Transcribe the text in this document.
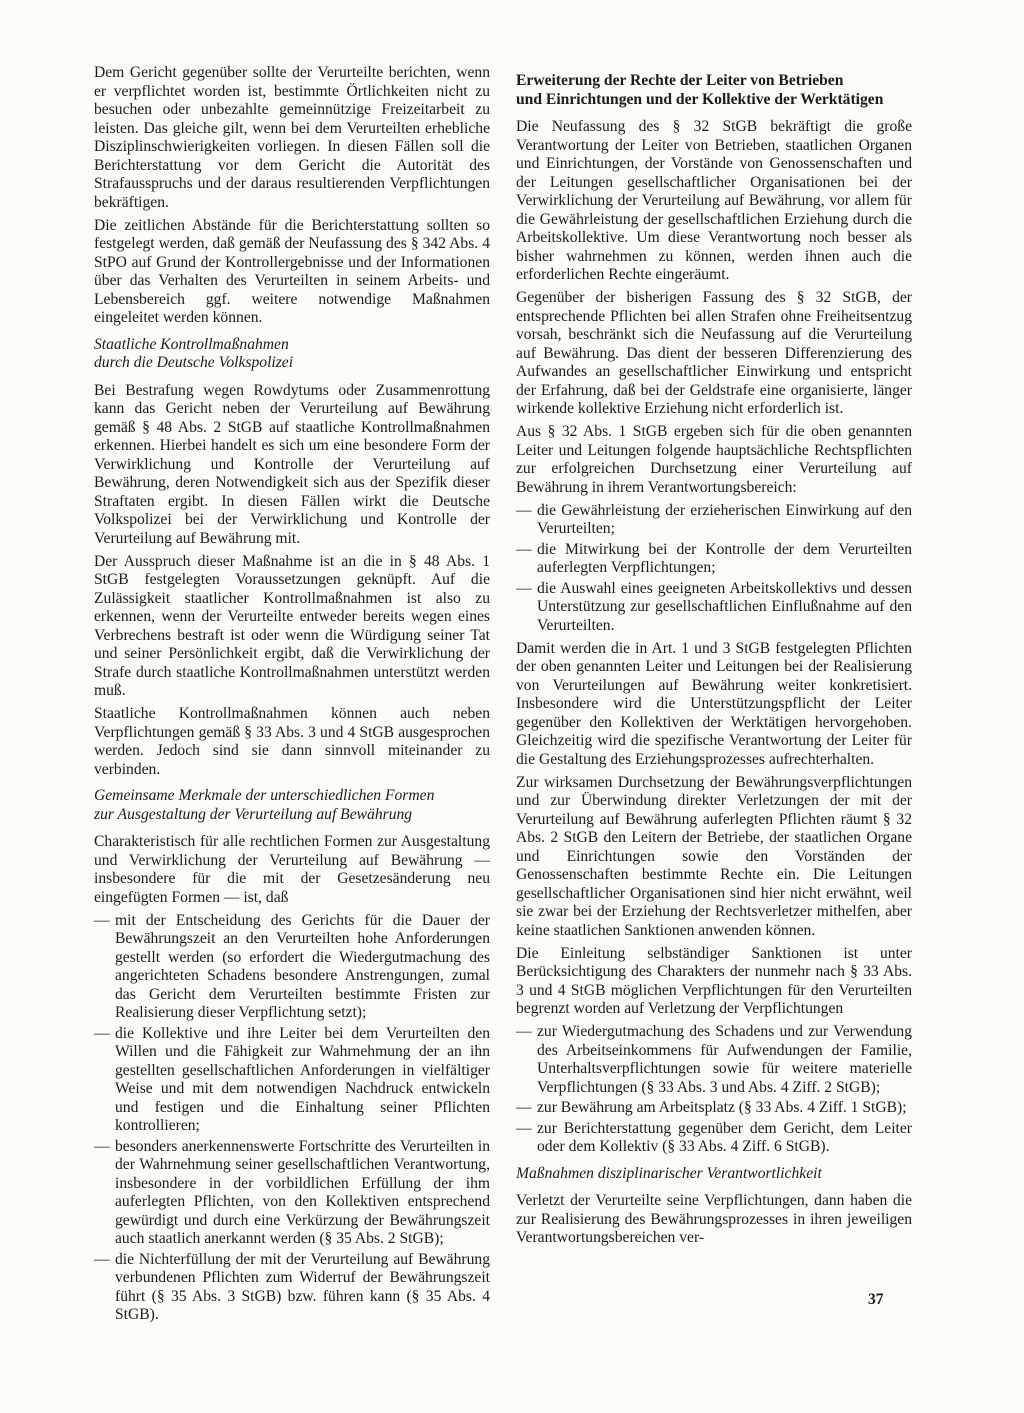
Dem Gericht gegenüber sollte der Verurteilte berichten, wenn er verpflichtet worden ist, bestimmte Örtlichkeiten nicht zu besuchen oder unbezahlte gemeinnützige Freizeitarbeit zu leisten. Das gleiche gilt, wenn bei dem Verurteilten erhebliche Disziplinschwierigkeiten vorliegen. In diesen Fällen soll die Berichterstattung vor dem Gericht die Autorität des Strafausspruchs und der daraus resultierenden Verpflichtungen bekräftigen.

Die zeitlichen Abstände für die Berichterstattung sollten so festgelegt werden, daß gemäß der Neufassung des § 342 Abs. 4 StPO auf Grund der Kontrollergebnisse und der Informationen über das Verhalten des Verurteilten in seinem Arbeits- und Lebensbereich ggf. weitere notwendige Maßnahmen eingeleitet werden können.

Staatliche Kontrollmaßnahmen
durch die Deutsche Volkspolizei

Bei Bestrafung wegen Rowdytums oder Zusammenrottung kann das Gericht neben der Verurteilung auf Bewährung gemäß § 48 Abs. 2 StGB auf staatliche Kontrollmaßnahmen erkennen. Hierbei handelt es sich um eine besondere Form der Verwirklichung und Kontrolle der Verurteilung auf Bewährung, deren Notwendigkeit sich aus der Spezifik dieser Straftaten ergibt. In diesen Fällen wirkt die Deutsche Volkspolizei bei der Verwirklichung und Kontrolle der Verurteilung auf Bewährung mit.

Der Ausspruch dieser Maßnahme ist an die in § 48 Abs. 1 StGB festgelegten Voraussetzungen geknüpft. Auf die Zulässigkeit staatlicher Kontrollmaßnahmen ist also zu erkennen, wenn der Verurteilte entweder bereits wegen eines Verbrechens bestraft ist oder wenn die Würdigung seiner Tat und seiner Persönlichkeit ergibt, daß die Verwirklichung der Strafe durch staatliche Kontrollmaßnahmen unterstützt werden muß.

Staatliche Kontrollmaßnahmen können auch neben Verpflichtungen gemäß § 33 Abs. 3 und 4 StGB ausgesprochen werden. Jedoch sind sie dann sinnvoll miteinander zu verbinden.

Gemeinsame Merkmale der unterschiedlichen Formen
zur Ausgestaltung der Verurteilung auf Bewährung

Charakteristisch für alle rechtlichen Formen zur Ausgestaltung und Verwirklichung der Verurteilung auf Bewährung — insbesondere für die mit der Gesetzesänderung neu eingefügten Formen — ist, daß

— mit der Entscheidung des Gerichts für die Dauer der Bewährungszeit an den Verurteilten hohe Anforderungen gestellt werden (so erfordert die Wiedergutmachung des angerichteten Schadens besondere Anstrengungen, zumal das Gericht dem Verurteilten bestimmte Fristen zur Realisierung dieser Verpflichtung setzt);
— die Kollektive und ihre Leiter bei dem Verurteilten den Willen und die Fähigkeit zur Wahrnehmung der an ihn gestellten gesellschaftlichen Anforderungen in vielfältiger Weise und mit dem notwendigen Nachdruck entwickeln und festigen und die Einhaltung seiner Pflichten kontrollieren;
— besonders anerkennenswerte Fortschritte des Verurteilten in der Wahrnehmung seiner gesellschaftlichen Verantwortung, insbesondere in der vorbildlichen Erfüllung der ihm auferlegten Pflichten, von den Kollektiven entsprechend gewürdigt und durch eine Verkürzung der Bewährungszeit auch staatlich anerkannt werden (§ 35 Abs. 2 StGB);
— die Nichterfüllung der mit der Verurteilung auf Bewährung verbundenen Pflichten zum Widerruf der Bewährungszeit führt (§ 35 Abs. 3 StGB) bzw. führen kann (§ 35 Abs. 4 StGB).
Erweiterung der Rechte der Leiter von Betrieben
und Einrichtungen und der Kollektive der Werktätigen

Die Neufassung des § 32 StGB bekräftigt die große Verantwortung der Leiter von Betrieben, staatlichen Organen und Einrichtungen, der Vorstände von Genossenschaften und der Leitungen gesellschaftlicher Organisationen bei der Verwirklichung der Verurteilung auf Bewährung, vor allem für die Gewährleistung der gesellschaftlichen Erziehung durch die Arbeitskollektive. Um diese Verantwortung noch besser als bisher wahrnehmen zu können, werden ihnen auch die erforderlichen Rechte eingeräumt.

Gegenüber der bisherigen Fassung des § 32 StGB, der entsprechende Pflichten bei allen Strafen ohne Freiheitsentzug vorsah, beschränkt sich die Neufassung auf die Verurteilung auf Bewährung. Das dient der besseren Differenzierung des Aufwandes an gesellschaftlicher Einwirkung und entspricht der Erfahrung, daß bei der Geldstrafe eine organisierte, länger wirkende kollektive Erziehung nicht erforderlich ist.

Aus § 32 Abs. 1 StGB ergeben sich für die oben genannten Leiter und Leitungen folgende hauptsächliche Rechtspflichten zur erfolgreichen Durchsetzung einer Verurteilung auf Bewährung in ihrem Verantwortungsbereich:

— die Gewährleistung der erzieherischen Einwirkung auf den Verurteilten;
— die Mitwirkung bei der Kontrolle der dem Verurteilten auferlegten Verpflichtungen;
— die Auswahl eines geeigneten Arbeitskollektivs und dessen Unterstützung zur gesellschaftlichen Einflußnahme auf den Verurteilten.

Damit werden die in Art. 1 und 3 StGB festgelegten Pflichten der oben genannten Leiter und Leitungen bei der Realisierung von Verurteilungen auf Bewährung weiter konkretisiert. Insbesondere wird die Unterstützungspflicht der Leiter gegenüber den Kollektiven der Werktätigen hervorgehoben. Gleichzeitig wird die spezifische Verantwortung der Leiter für die Gestaltung des Erziehungsprozesses aufrechterhalten.

Zur wirksamen Durchsetzung der Bewährungsverpflichtungen und zur Überwindung direkter Verletzungen der mit der Verurteilung auf Bewährung auferlegten Pflichten räumt § 32 Abs. 2 StGB den Leitern der Betriebe, der staatlichen Organe und Einrichtungen sowie den Vorständen der Genossenschaften bestimmte Rechte ein. Die Leitungen gesellschaftlicher Organisationen sind hier nicht erwähnt, weil sie zwar bei der Erziehung der Rechtsverletzer mithelfen, aber keine staatlichen Sanktionen anwenden können.

Die Einleitung selbständiger Sanktionen ist unter Berücksichtigung des Charakters der nunmehr nach § 33 Abs. 3 und 4 StGB möglichen Verpflichtungen für den Verurteilten begrenzt worden auf Verletzung der Verpflichtungen

— zur Wiedergutmachung des Schadens und zur Verwendung des Arbeitseinkommens für Aufwendungen der Familie, Unterhaltsverpflichtungen sowie für weitere materielle Verpflichtungen (§ 33 Abs. 3 und Abs. 4 Ziff. 2 StGB);
— zur Bewährung am Arbeitsplatz (§ 33 Abs. 4 Ziff. 1 StGB);
— zur Berichterstattung gegenüber dem Gericht, dem Leiter oder dem Kollektiv (§ 33 Abs. 4 Ziff. 6 StGB).
Maßnahmen disziplinarischer Verantwortlichkeit

Verletzt der Verurteilte seine Verpflichtungen, dann haben die zur Realisierung des Bewährungsprozesses in ihren jeweiligen Verantwortungsbereichen ver-

37
